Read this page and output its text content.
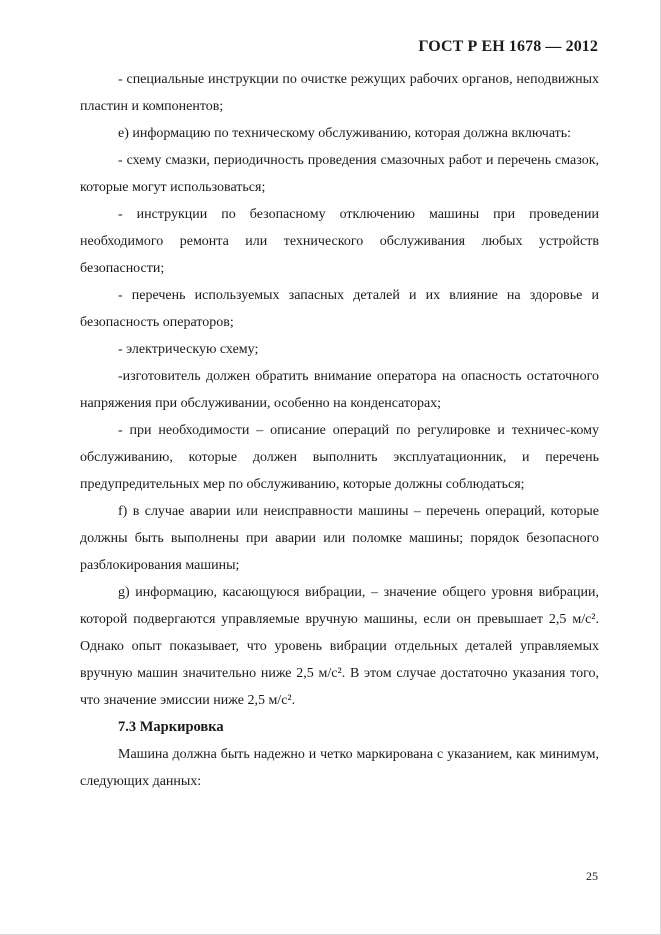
ГОСТ Р ЕН 1678 — 2012

- специальные инструкции по очистке режущих рабочих органов, неподвижных пластин и компонентов;

e) информацию по техническому обслуживанию, которая должна включать:

- схему смазки, периодичность проведения смазочных работ и перечень смазок, которые могут использоваться;

- инструкции по безопасному отключению машины при проведении необходимого ремонта или технического обслуживания любых устройств безопасности;

- перечень используемых запасных деталей и их влияние на здоровье и безопасность операторов;

- электрическую схему;

-изготовитель должен обратить внимание оператора на опасность остаточного напряжения при обслуживании, особенно на конденсаторах;

- при необходимости – описание операций по регулировке и техничес-кому обслуживанию, которые должен выполнить эксплуатационник, и перечень предупредительных мер по обслуживанию, которые должны соблюдаться;

f) в случае аварии или неисправности машины – перечень операций, которые должны быть выполнены при аварии или поломке машины; порядок безопасного разблокирования машины;

g) информацию, касающуюся вибрации, – значение общего уровня вибрации, которой подвергаются управляемые вручную машины, если он превышает 2,5 м/с². Однако опыт показывает, что уровень вибрации отдельных деталей управляемых вручную машин значительно ниже 2,5 м/с². В этом случае достаточно указания того, что значение эмиссии ниже 2,5 м/с².

7.3 Маркировка

Машина должна быть надежно и четко маркирована с указанием, как минимум, следующих данных:

25
